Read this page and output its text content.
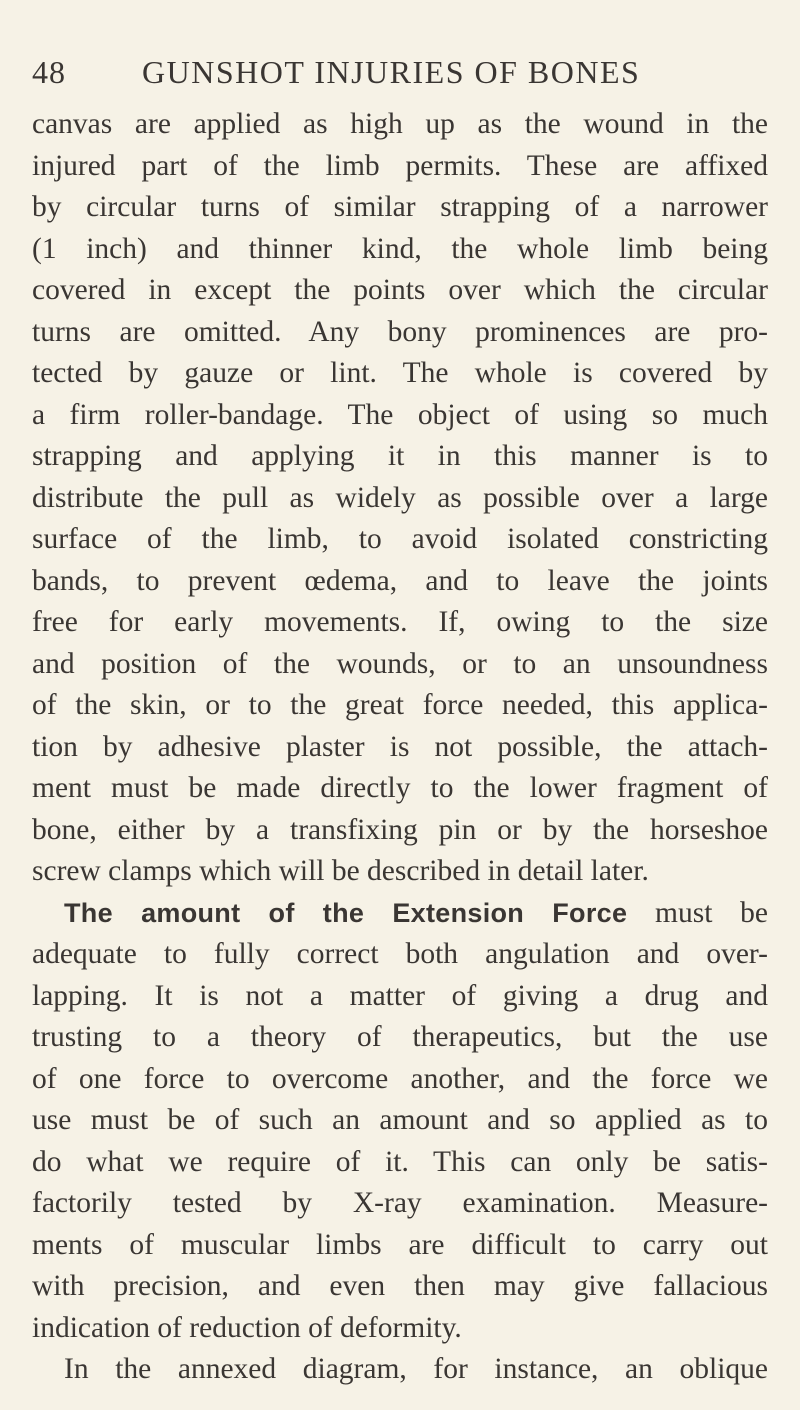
48 GUNSHOT INJURIES OF BONES
canvas are applied as high up as the wound in the
injured part of the limb permits. These are affixed
by circular turns of similar strapping of a narrower
(1 inch) and thinner kind, the whole limb being
covered in except the points over which the circular
turns are omitted. Any bony prominences are pro-
tected by gauze or lint. The whole is covered by
a firm roller-bandage. The object of using so much
strapping and applying it in this manner is to
distribute the pull as widely as possible over a large
surface of the limb, to avoid isolated constricting
bands, to prevent œdema, and to leave the joints
free for early movements. If, owing to the size
and position of the wounds, or to an unsoundness
of the skin, or to the great force needed, this applica-
tion by adhesive plaster is not possible, the attach-
ment must be made directly to the lower fragment of
bone, either by a transfixing pin or by the horseshoe
screw clamps which will be described in detail later.
The amount of the Extension Force must be
adequate to fully correct both angulation and over-
lapping. It is not a matter of giving a drug and
trusting to a theory of therapeutics, but the use
of one force to overcome another, and the force we
use must be of such an amount and so applied as to
do what we require of it. This can only be satis-
factorily tested by X-ray examination. Measure-
ments of muscular limbs are difficult to carry out
with precision, and even then may give fallacious
indication of reduction of deformity.
In the annexed diagram, for instance, an oblique
